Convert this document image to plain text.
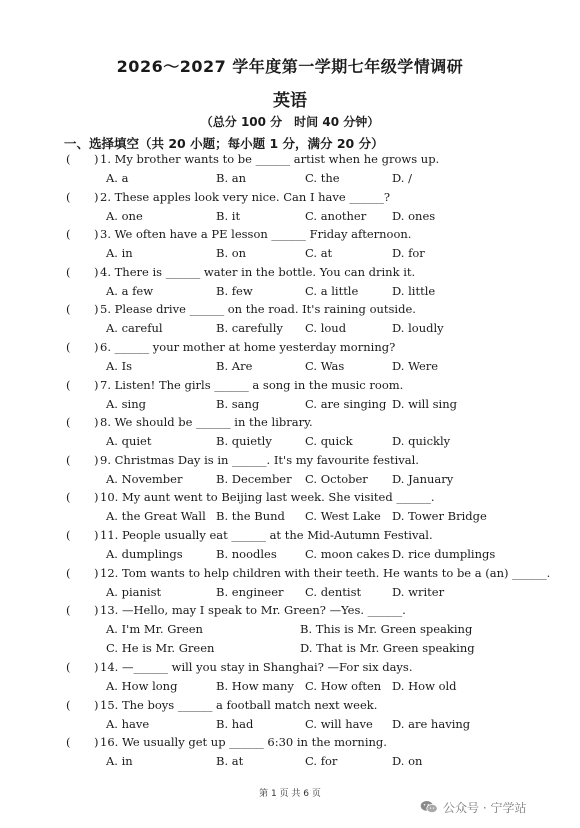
2026～2027 学年度第一学期七年级学情调研
英语
（总分 100 分　时间 40 分钟）
一、选择填空（共 20 小题；每小题 1 分，满分 20 分）
( ) 1. My brother wants to be ______ artist when he grows up.
A. a	B. an	C. the	D. /
( ) 2. These apples look very nice. Can I have ______?
A. one	B. it	C. another D. ones
( ) 3. We often have a PE lesson ______ Friday afternoon.
A. in	B. on	C. at	D. for
( ) 4. There is ______ water in the bottle. You can drink it.
A. a few	B. few	C. a little	D. little
( ) 5. Please drive ______ on the road. It's raining outside.
A. careful	B. carefully C. loud	D. loudly
( ) 6. ______ your mother at home yesterday morning?
A. Is	B. Are	C. Was	D. Were
( ) 7. Listen! The girls ______ a song in the music room.
A. sing	B. sang	C. are singing D. will sing
( ) 8. We should be ______ in the library.
A. quiet	B. quietly	C. quick	D. quickly
( ) 9. Christmas Day is in ______. It's my favourite festival.
A. November	B. December C. October D. January
( ) 10. My aunt went to Beijing last week. She visited ______.
A. the Great Wall B. the Bund C. West Lake D. Tower Bridge
( ) 11. People usually eat ______ at the Mid-Autumn Festival.
A. dumplings	B. noodles C. moon cakes D. rice dumplings
( ) 12. Tom wants to help children with their teeth. He wants to be a (an) ______.
A. pianist	B. engineer C. dentist	D. writer
( ) 13. —Hello, may I speak to Mr. Green? —Yes. ______.
A. I'm Mr. Green	B. This is Mr. Green speaking
C. He is Mr. Green	D. That is Mr. Green speaking
( ) 14. —______ will you stay in Shanghai? —For six days.
A. How long	B. How many C. How often D. How old
( ) 15. The boys ______ a football match next week.
A. have	B. had	C. will have D. are having
( ) 16. We usually get up ______ 6:30 in the morning.
A. in	B. at	C. for	D. on
第 1 页 共 6 页
公众号 · 宁学站
